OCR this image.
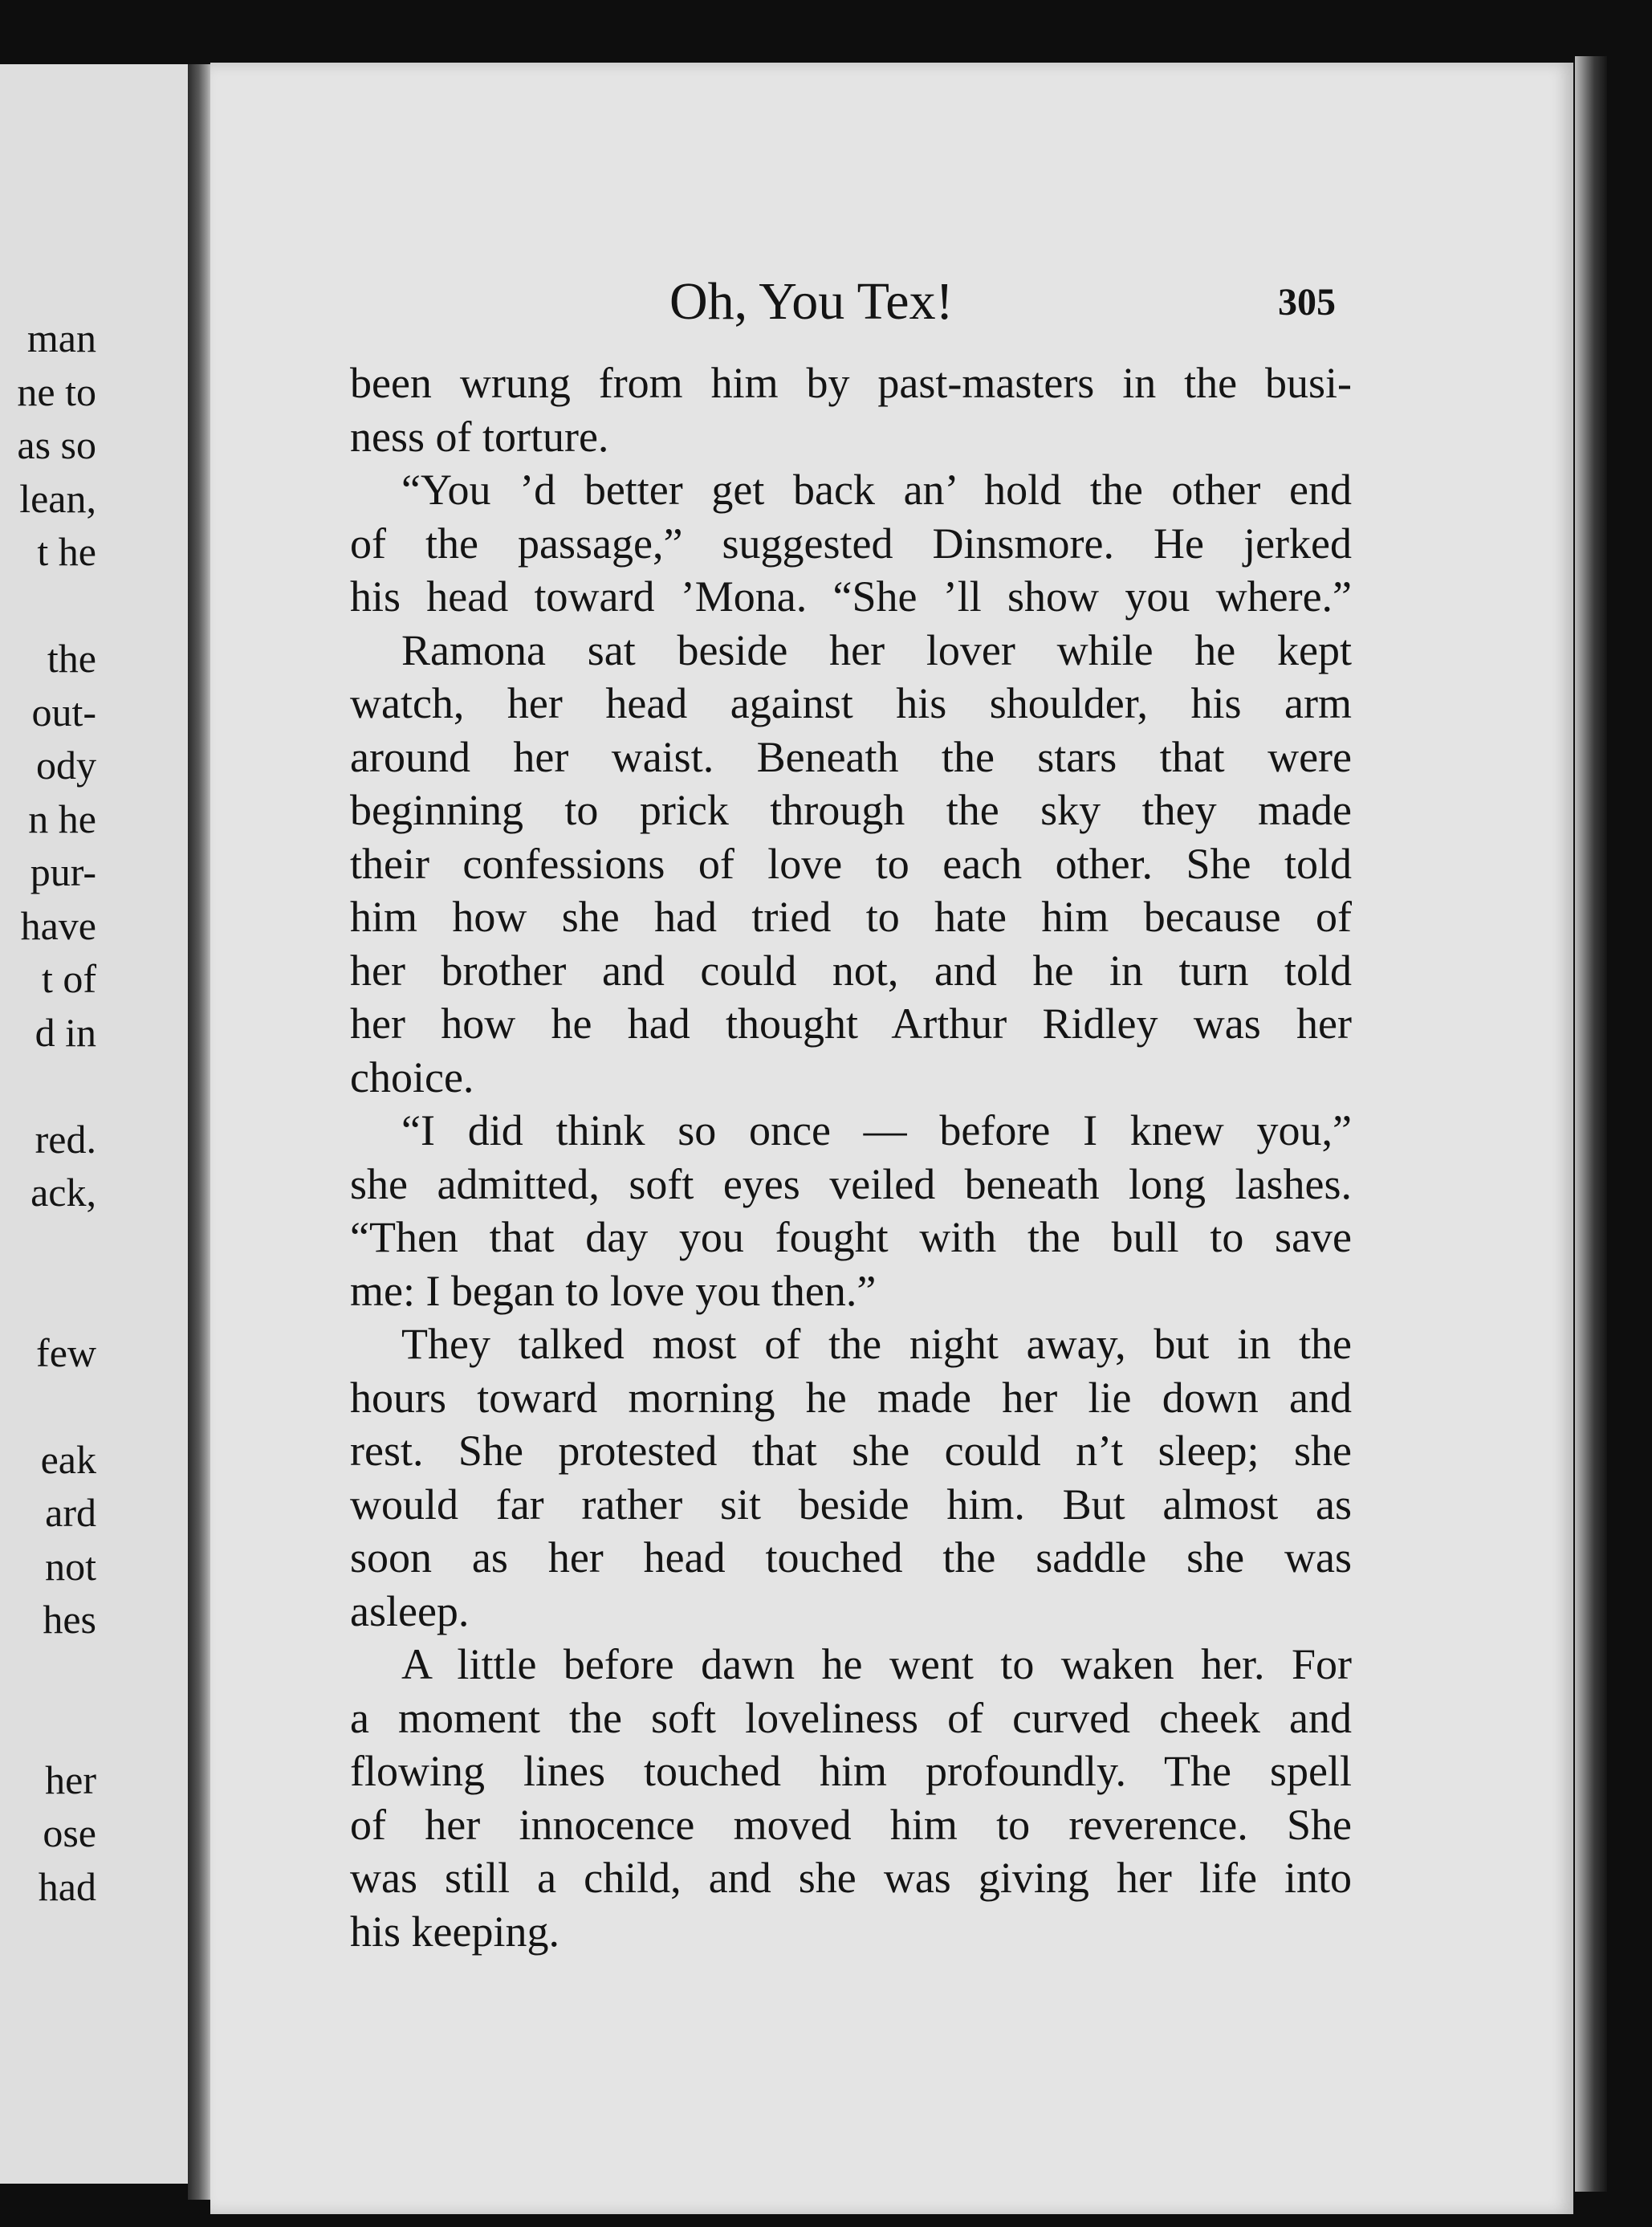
man
ne to
as so
lean,
t he
the
out-
ody
n he
pur-
have
t of
d in
red.
ack,
few
eak
ard
not
hes
her
ose
had
Oh, You Tex!	305
been wrung from him by past-masters in the busi-
ness of torture.
“You ’d better get back an’ hold the other end
of the passage,” suggested Dinsmore. He jerked
his head toward ’Mona. “She ’ll show you where.”
Ramona sat beside her lover while he kept
watch, her head against his shoulder, his arm
around her waist. Beneath the stars that were
beginning to prick through the sky they made
their confessions of love to each other. She told
him how she had tried to hate him because of
her brother and could not, and he in turn told
her how he had thought Arthur Ridley was her
choice.
“I did think so once — before I knew you,”
she admitted, soft eyes veiled beneath long lashes.
“Then that day you fought with the bull to save
me: I began to love you then.”
They talked most of the night away, but in the
hours toward morning he made her lie down and
rest. She protested that she could n’t sleep; she
would far rather sit beside him. But almost as
soon as her head touched the saddle she was
asleep.
A little before dawn he went to waken her. For
a moment the soft loveliness of curved cheek and
flowing lines touched him profoundly. The spell
of her innocence moved him to reverence. She
was still a child, and she was giving her life into
his keeping.
